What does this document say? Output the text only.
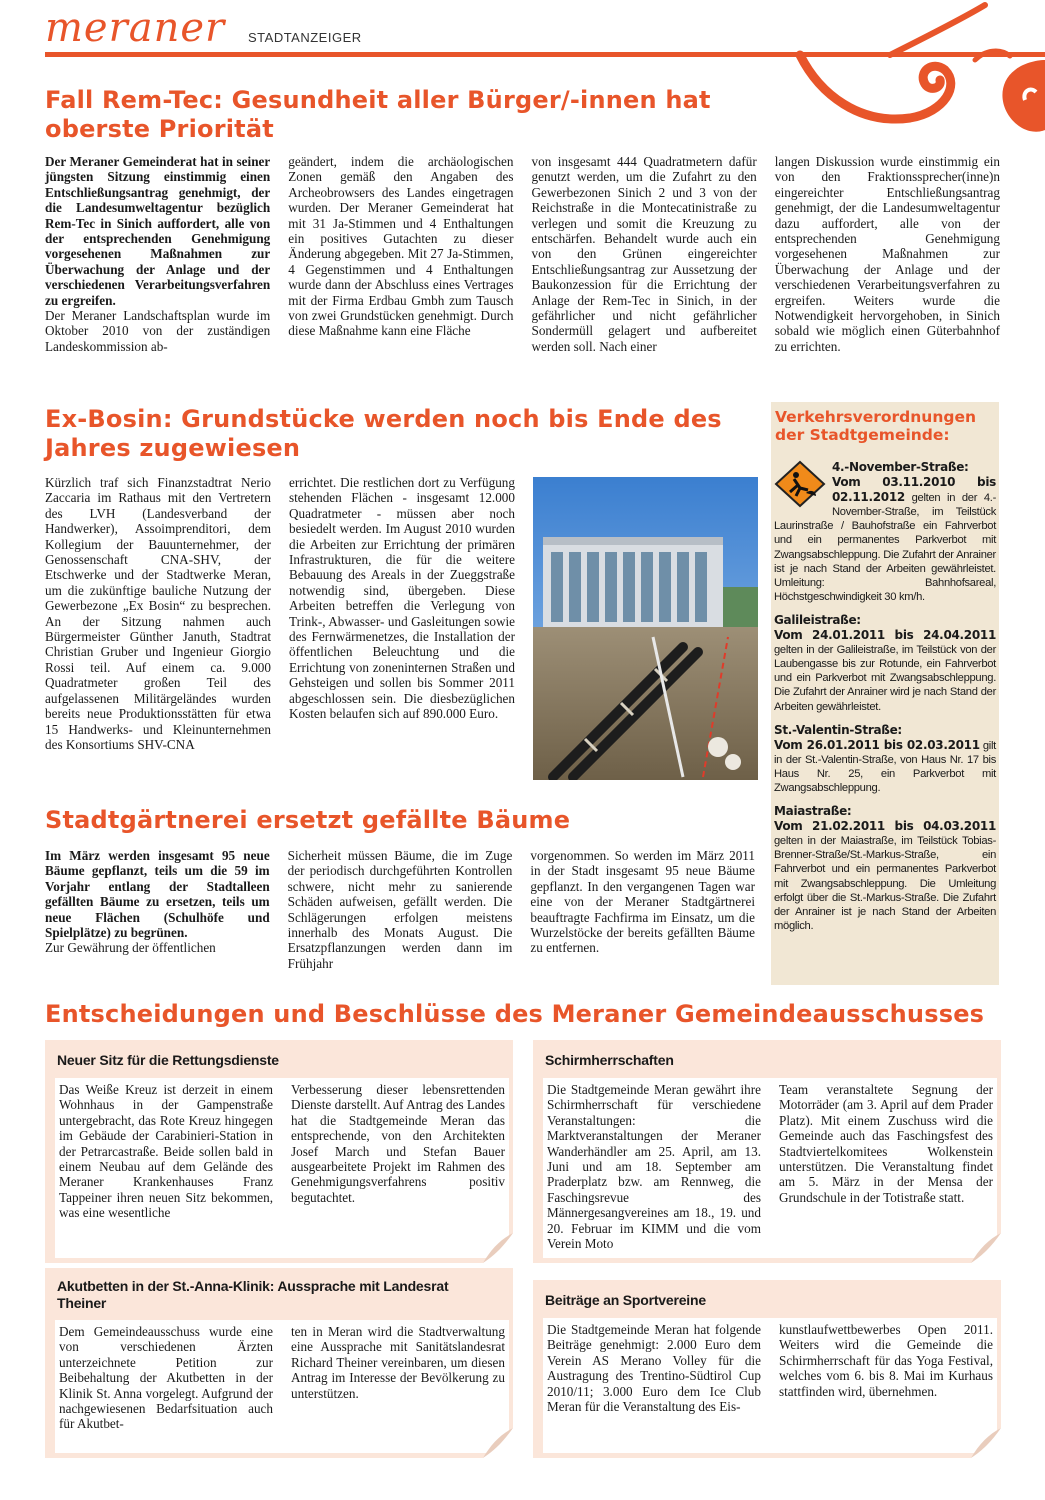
meraner STADTANZEIGER
Fall Rem-Tec: Gesundheit aller Bürger/-innen hat oberste Priorität
Der Meraner Gemeinderat hat in seiner jüngsten Sitzung einstimmig einen Entschließungsantrag genehmigt, der die Landesumweltagentur bezüglich Rem-Tec in Sinich auffordert, alle von der entsprechenden Genehmigung vorgesehenen Maßnahmen zur Überwachung der Anlage und der verschiedenen Verarbeitungsverfahren zu ergreifen.
Der Meraner Landschaftsplan wurde im Oktober 2010 von der zuständigen Landeskommission ab-
geändert, indem die archäologischen Zonen gemäß den Angaben des Archeobrowsers des Landes eingetragen wurden. Der Meraner Gemeinderat hat mit 31 Ja-Stimmen und 4 Enthaltungen ein positives Gutachten zu dieser Änderung abgegeben. Mit 27 Ja-Stimmen, 4 Gegenstimmen und 4 Enthaltungen wurde dann der Abschluss eines Vertrages mit der Firma Erdbau Gmbh zum Tausch von zwei Grundstücken genehmigt. Durch diese Maßnahme kann eine Fläche
von insgesamt 444 Quadratmetern dafür genutzt werden, um die Zufahrt zu den Gewerbezonen Sinich 2 und 3 von der Reichstraße in die Montecatinistraße zu verlegen und somit die Kreuzung zu entschärfen. Behandelt wurde auch ein von den Grünen eingereichter Entschließungsantrag zur Aussetzung der Baukonzession für die Errichtung der Anlage der Rem-Tec in Sinich, in der gefährlicher und nicht gefährlicher Sondermüll gelagert und aufbereitet werden soll. Nach einer
langen Diskussion wurde einstimmig ein von den Fraktionssprecher(inne)n eingereichter Entschließungsantrag genehmigt, der die Landesumweltagentur dazu auffordert, alle von der entsprechenden Genehmigung vorgesehenen Maßnahmen zur Überwachung der Anlage und der verschiedenen Verarbeitungsverfahren zu ergreifen. Weiters wurde die Notwendigkeit hervorgehoben, in Sinich sobald wie möglich einen Güterbahnhof zu errichten.
Ex-Bosin: Grundstücke werden noch bis Ende des Jahres zugewiesen
Kürzlich traf sich Finanzstadtrat Nerio Zaccaria im Rathaus mit den Vertretern des LVH (Landesverband der Handwerker), Assoimprenditori, dem Kollegium der Bauunternehmer, der Genossenschaft CNA-SHV, der Etschwerke und der Stadtwerke Meran, um die zukünftige bauliche Nutzung der Gewerbezone „Ex Bosin“ zu besprechen. An der Sitzung nahmen auch Bürgermeister Günther Januth, Stadtrat Christian Gruber und Ingenieur Giorgio Rossi teil. Auf einem ca. 9.000 Quadratmeter großen Teil des aufgelassenen Militärgeländes wurden bereits neue Produktionsstätten für etwa 15 Handwerks- und Kleinunternehmen des Konsortiums SHV-CNA
errichtet. Die restlichen dort zu Verfügung stehenden Flächen - insgesamt 12.000 Quadratmeter - müssen aber noch besiedelt werden. Im August 2010 wurden die Arbeiten zur Errichtung der primären Infrastrukturen, die für die weitere Bebauung des Areals in der Zueggstraße notwendig sind, übergeben. Diese Arbeiten betreffen die Verlegung von Trink-, Abwasser- und Gasleitungen sowie des Fernwärmenetzes, die Installation der öffentlichen Beleuchtung und die Errichtung von zoneninternen Straßen und Gehsteigen und sollen bis Sommer 2011 abgeschlossen sein. Die diesbezüglichen Kosten belaufen sich auf 890.000 Euro.
Verkehrsverordnungen der Stadtgemeinde:

4.-November-Straße:
Vom 03.11.2010 bis 02.11.2012 gelten in der 4.-November-Straße, im Teilstück Laurinstraße / Bauhofstraße ein Fahrverbot und ein permanentes Parkverbot mit Zwangsabschleppung. Die Zufahrt der Anrainer ist je nach Stand der Arbeiten gewährleistet. Umleitung: Bahnhofsareal, Höchstgeschwindigkeit 30 km/h.

Galileistraße:
Vom 24.01.2011 bis 24.04.2011 gelten in der Galileistraße, im Teilstück von der Laubengasse bis zur Rotunde, ein Fahrverbot und ein Parkverbot mit Zwangsabschleppung. Die Zufahrt der Anrainer wird je nach Stand der Arbeiten gewährleistet.

St.-Valentin-Straße:
Vom 26.01.2011 bis 02.03.2011 gilt in der St.-Valentin-Straße, von Haus Nr. 17 bis Haus Nr. 25, ein Parkverbot mit Zwangsabschleppung.

Maiastraße:
Vom 21.02.2011 bis 04.03.2011 gelten in der Maiastraße, im Teilstück Tobias-Brenner-Straße/St.-Markus-Straße, ein Fahrverbot und ein permanentes Parkverbot mit Zwangsabschleppung. Die Umleitung erfolgt über die St.-Markus-Straße. Die Zufahrt der Anrainer ist je nach Stand der Arbeiten möglich.

Stadtgärtnerei ersetzt gefällte Bäume
Im März werden insgesamt 95 neue Bäume gepflanzt, teils um die 59 im Vorjahr entlang der Stadtalleen gefällten Bäume zu ersetzen, teils um neue Flächen (Schulhöfe und Spielplätze) zu begrünen.
Zur Gewährung der öffentlichen
Sicherheit müssen Bäume, die im Zuge der periodisch durchgeführten Kontrollen schwere, nicht mehr zu sanierende Schäden aufweisen, gefällt werden. Die Schlägerungen erfolgen meistens innerhalb des Monats August. Die Ersatzpflanzungen werden dann im Frühjahr
vorgenommen. So werden im März 2011 in der Stadt insgesamt 95 neue Bäume gepflanzt. In den vergangenen Tagen war eine von der Meraner Stadtgärtnerei beauftragte Fachfirma im Einsatz, um die Wurzelstöcke der bereits gefällten Bäume zu entfernen.
Entscheidungen und Beschlüsse des Meraner Gemeindeausschusses
Neuer Sitz für die Rettungsdienste
Das Weiße Kreuz ist derzeit in einem Wohnhaus in der Gampenstraße untergebracht, das Rote Kreuz hingegen im Gebäude der Carabinieri-Station in der Petrarcastraße. Beide sollen bald in einem Neubau auf dem Gelände des Meraner Krankenhauses Franz Tappeiner ihren neuen Sitz bekommen, was eine wesentliche
Verbesserung dieser lebensrettenden Dienste darstellt. Auf Antrag des Landes hat die Stadtgemeinde Meran das entsprechende, von den Architekten Josef March und Stefan Bauer ausgearbeitete Projekt im Rahmen des Genehmigungsverfahrens positiv begutachtet.
Schirmherrschaften
Die Stadtgemeinde Meran gewährt ihre Schirmherrschaft für verschiedene Veranstaltungen: die Marktveranstaltungen der Meraner Wanderhändler am 25. April, am 13. Juni und am 18. September am Praderplatz bzw. am Rennweg, die Faschingsrevue des Männergesangvereines am 18., 19. und 20. Februar im KIMM und die vom Verein Moto
Team veranstaltete Segnung der Motorräder (am 3. April auf dem Prader Platz). Mit einem Zuschuss wird die Gemeinde auch das Faschingsfest des Stadtviertelkomitees Wolkenstein unterstützen. Die Veranstaltung findet am 5. März in der Mensa der Grundschule in der Totistraße statt.
Akutbetten in der St.-Anna-Klinik: Aussprache mit Landesrat Theiner
Dem Gemeindeausschuss wurde eine von verschiedenen Ärzten unterzeichnete Petition zur Beibehaltung der Akutbetten in der Klinik St. Anna vorgelegt. Aufgrund der nachgewiesenen Bedarfsituation auch für Akutbet-
ten in Meran wird die Stadtverwaltung eine Aussprache mit Sanitätslandesrat Richard Theiner vereinbaren, um diesen Antrag im Interesse der Bevölkerung zu unterstützen.
Beiträge an Sportvereine
Die Stadtgemeinde Meran hat folgende Beiträge genehmigt: 2.000 Euro dem Verein AS Merano Volley für die Austragung des Trentino-Südtirol Cup 2010/11; 3.000 Euro dem Ice Club Meran für die Veranstaltung des Eis-
kunstlaufwettbewerbes Open 2011. Weiters wird die Gemeinde die Schirmherrschaft für das Yoga Festival, welches vom 6. bis 8. Mai im Kurhaus stattfinden wird, übernehmen.
